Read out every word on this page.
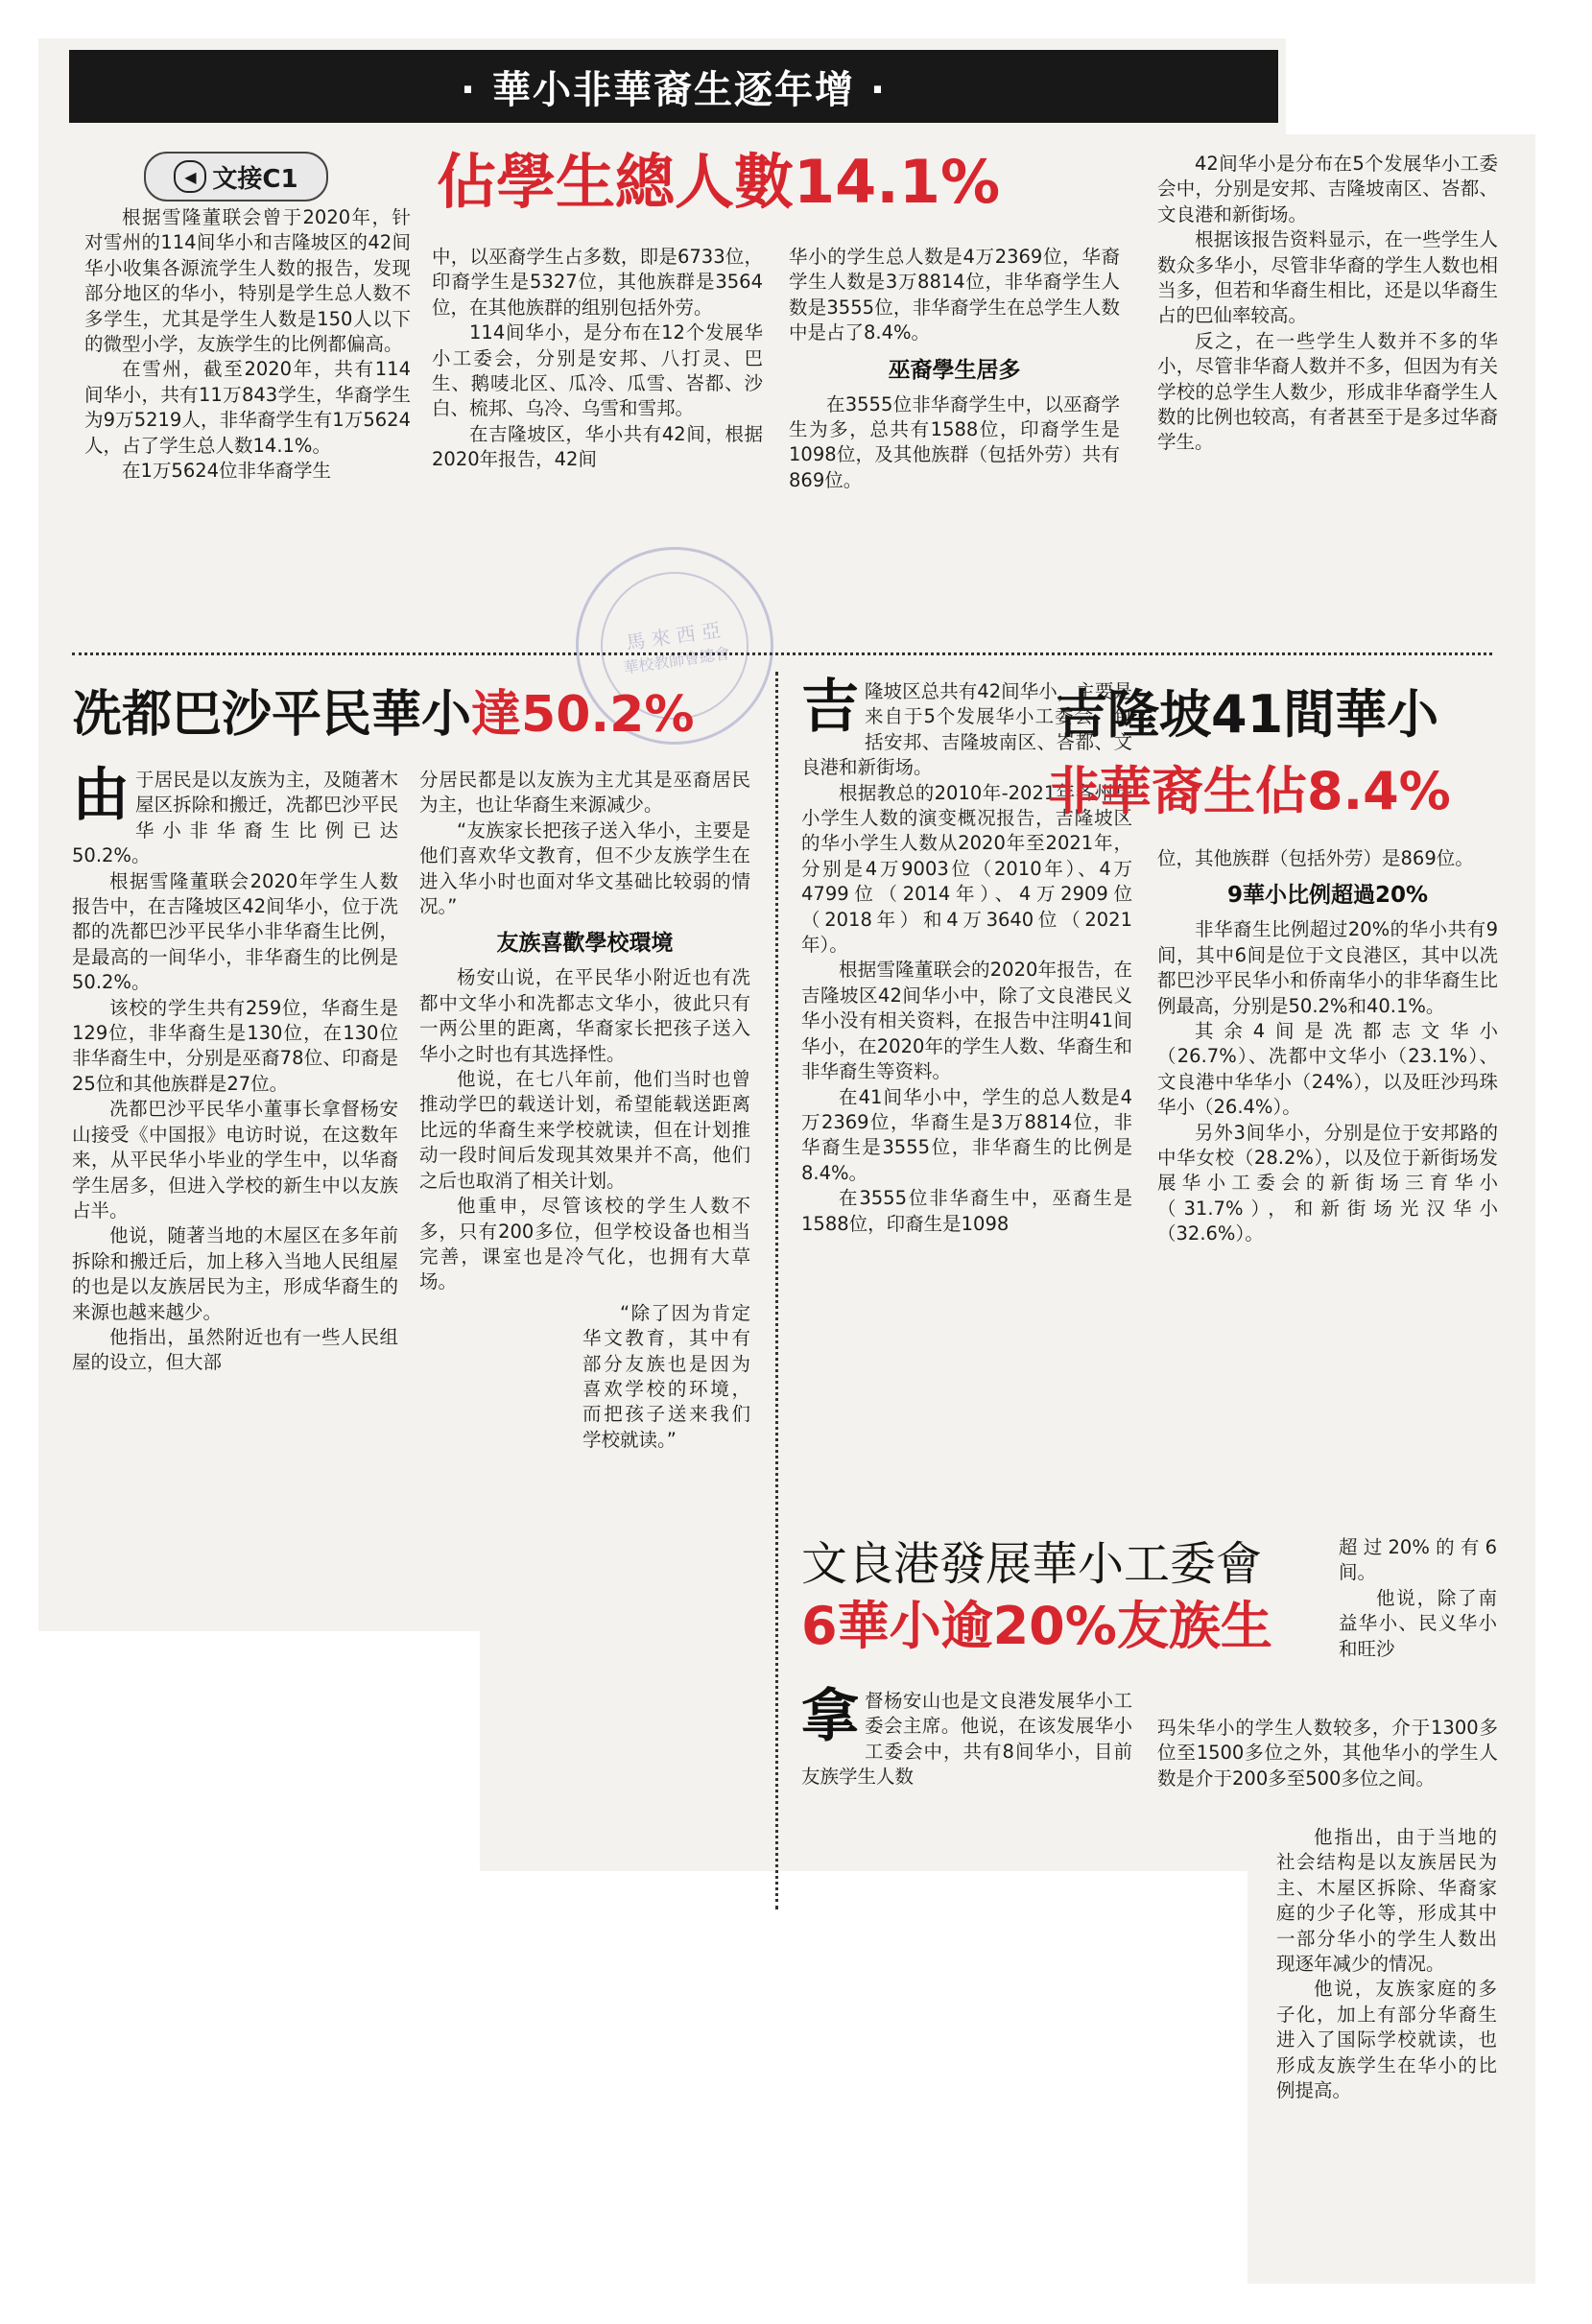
· 華小非華裔生逐年增 ·
◀ 文接C1 佔學生總人數14.1%

根据雪隆董联会曾于2020年，针对雪州的114间华小和吉隆坡区的42间华小收集各源流学生人数的报告，发现部分地区的华小，特别是学生总人数不多学生，尤其是学生人数是150人以下的微型小学，友族学生的比例都偏高。

在雪州，截至2020年，共有114间华小，共有11万843学生，华裔学生为9万5219人，非华裔学生有1万5624人，占了学生总人数14.1%。

在1万5624位非华裔学生

中，以巫裔学生占多数，即是6733位，印裔学生是5327位，其他族群是3564位，在其他族群的组别包括外劳。

114间华小，是分布在12个发展华小工委会，分别是安邦、八打灵、巴生、鹅唛北区、瓜冷、瓜雪、峇都、沙白、梳邦、乌冷、乌雪和雪邦。

在吉隆坡区，华小共有42间，根据2020年报告，42间

华小的学生总人数是4万2369位，华裔学生人数是3万8814位，非华裔学生人数是3555位，非华裔学生在总学生人数中是占了8.4%。

巫裔學生居多

在3555位非华裔学生中，以巫裔学生为多，总共有1588位，印裔学生是1098位，及其他族群（包括外劳）共有869位。

42间华小是分布在5个发展华小工委会中，分别是安邦、吉隆坡南区、峇都、文良港和新街场。

根据该报告资料显示，在一些学生人数众多华小，尽管非华裔的学生人数也相当多，但若和华裔生相比，还是以华裔生占的巴仙率较高。

反之，在一些学生人数并不多的华小，尽管非华裔人数并不多，但因为有关学校的总学生人数少，形成非华裔学生人数的比例也较高，有者甚至于是多过华裔学生。

馬 來 西 亞
華校教師會總會
冼都巴沙平民華小達50.2%

由于居民是以友族为主，及随著木屋区拆除和搬迁，冼都巴沙平民华小非华裔生比例已达50.2%。

根据雪隆董联会2020年学生人数报告中，在吉隆坡区42间华小，位于冼都的冼都巴沙平民华小非华裔生比例，是最高的一间华小，非华裔生的比例是50.2%。

该校的学生共有259位，华裔生是129位，非华裔生是130位，在130位非华裔生中，分别是巫裔78位、印裔是25位和其他族群是27位。

冼都巴沙平民华小董事长拿督杨安山接受《中国报》电访时说，在这数年来，从平民华小毕业的学生中，以华裔学生居多，但进入学校的新生中以友族占半。

他说，随著当地的木屋区在多年前拆除和搬迁后，加上移入当地人民组屋的也是以友族居民为主，形成华裔生的来源也越来越少。

他指出，虽然附近也有一些人民组屋的设立，但大部

分居民都是以友族为主尤其是巫裔居民为主，也让华裔生来源减少。

“友族家长把孩子送入华小，主要是他们喜欢华文教育，但不少友族学生在进入华小时也面对华文基础比较弱的情况。”

友族喜歡學校環境

杨安山说，在平民华小附近也有冼都中文华小和冼都志文华小，彼此只有一两公里的距离，华裔家长把孩子送入华小之时也有其选择性。

他说，在七八年前，他们当时也曾推动学巴的载送计划，希望能载送距离比远的华裔生来学校就读，但在计划推动一段时间后发现其效果并不高，他们之后也取消了相关计划。

他重申，尽管该校的学生人数不多，只有200多位，但学校设备也相当完善，课室也是冷气化，也拥有大草场。

“除了因为肯定华文教育，其中有部分友族也是因为喜欢学校的环境，而把孩子送来我们学校就读。”

吉隆坡区总共有42间华小，主要是来自于5个发展华小工委会，包括安邦、吉隆坡南区、峇都、文良港和新街场。

根据教总的2010年-2021年各州华小学生人数的演变概况报告，吉隆坡区的华小学生人数从2020年至2021年，分别是4万9003位（2010年）、4万4799位（2014年）、4万2909位（2018年）和4万3640位（2021年）。

根据雪隆董联会的2020年报告，在吉隆坡区42间华小中，除了文良港民义华小没有相关资料，在报告中注明41间华小，在2020年的学生人数、华裔生和非华裔生等资料。

在41间华小中，学生的总人数是4万2369位，华裔生是3万8814位，非华裔生是3555位，非华裔生的比例是8.4%。

在3555位非华裔生中，巫裔生是1588位，印裔生是1098

吉隆坡41間華小
非華裔生佔8.4%

位，其他族群（包括外劳）是869位。

9華小比例超過20%

非华裔生比例超过20%的华小共有9间，其中6间是位于文良港区，其中以冼都巴沙平民华小和侨南华小的非华裔生比例最高，分别是50.2%和40.1%。

其余4间是冼都志文华小（26.7%）、冼都中文华小（23.1%）、文良港中华华小（24%），以及旺沙玛珠华小（26.4%）。

另外3间华小，分别是位于安邦路的中华女校（28.2%），以及位于新街场发展华小工委会的新街场三育华小（31.7%），和新街场光汉华小（32.6%）。

文良港發展華小工委會
6華小逾20%友族生

拿督杨安山也是文良港发展华小工委会主席。他说，在该发展华小工委会中，共有8间华小，目前友族学生人数

超过20%的有6间。

他说，除了南益华小、民义华小和旺沙

玛朱华小的学生人数较多，介于1300多位至1500多位之外，其他华小的学生人数是介于200多至500多位之间。

他指出，由于当地的社会结构是以友族居民为主、木屋区拆除、华裔家庭的少子化等，形成其中一部分华小的学生人数出现逐年减少的情况。

他说，友族家庭的多子化，加上有部分华裔生进入了国际学校就读，也形成友族学生在华小的比例提高。
